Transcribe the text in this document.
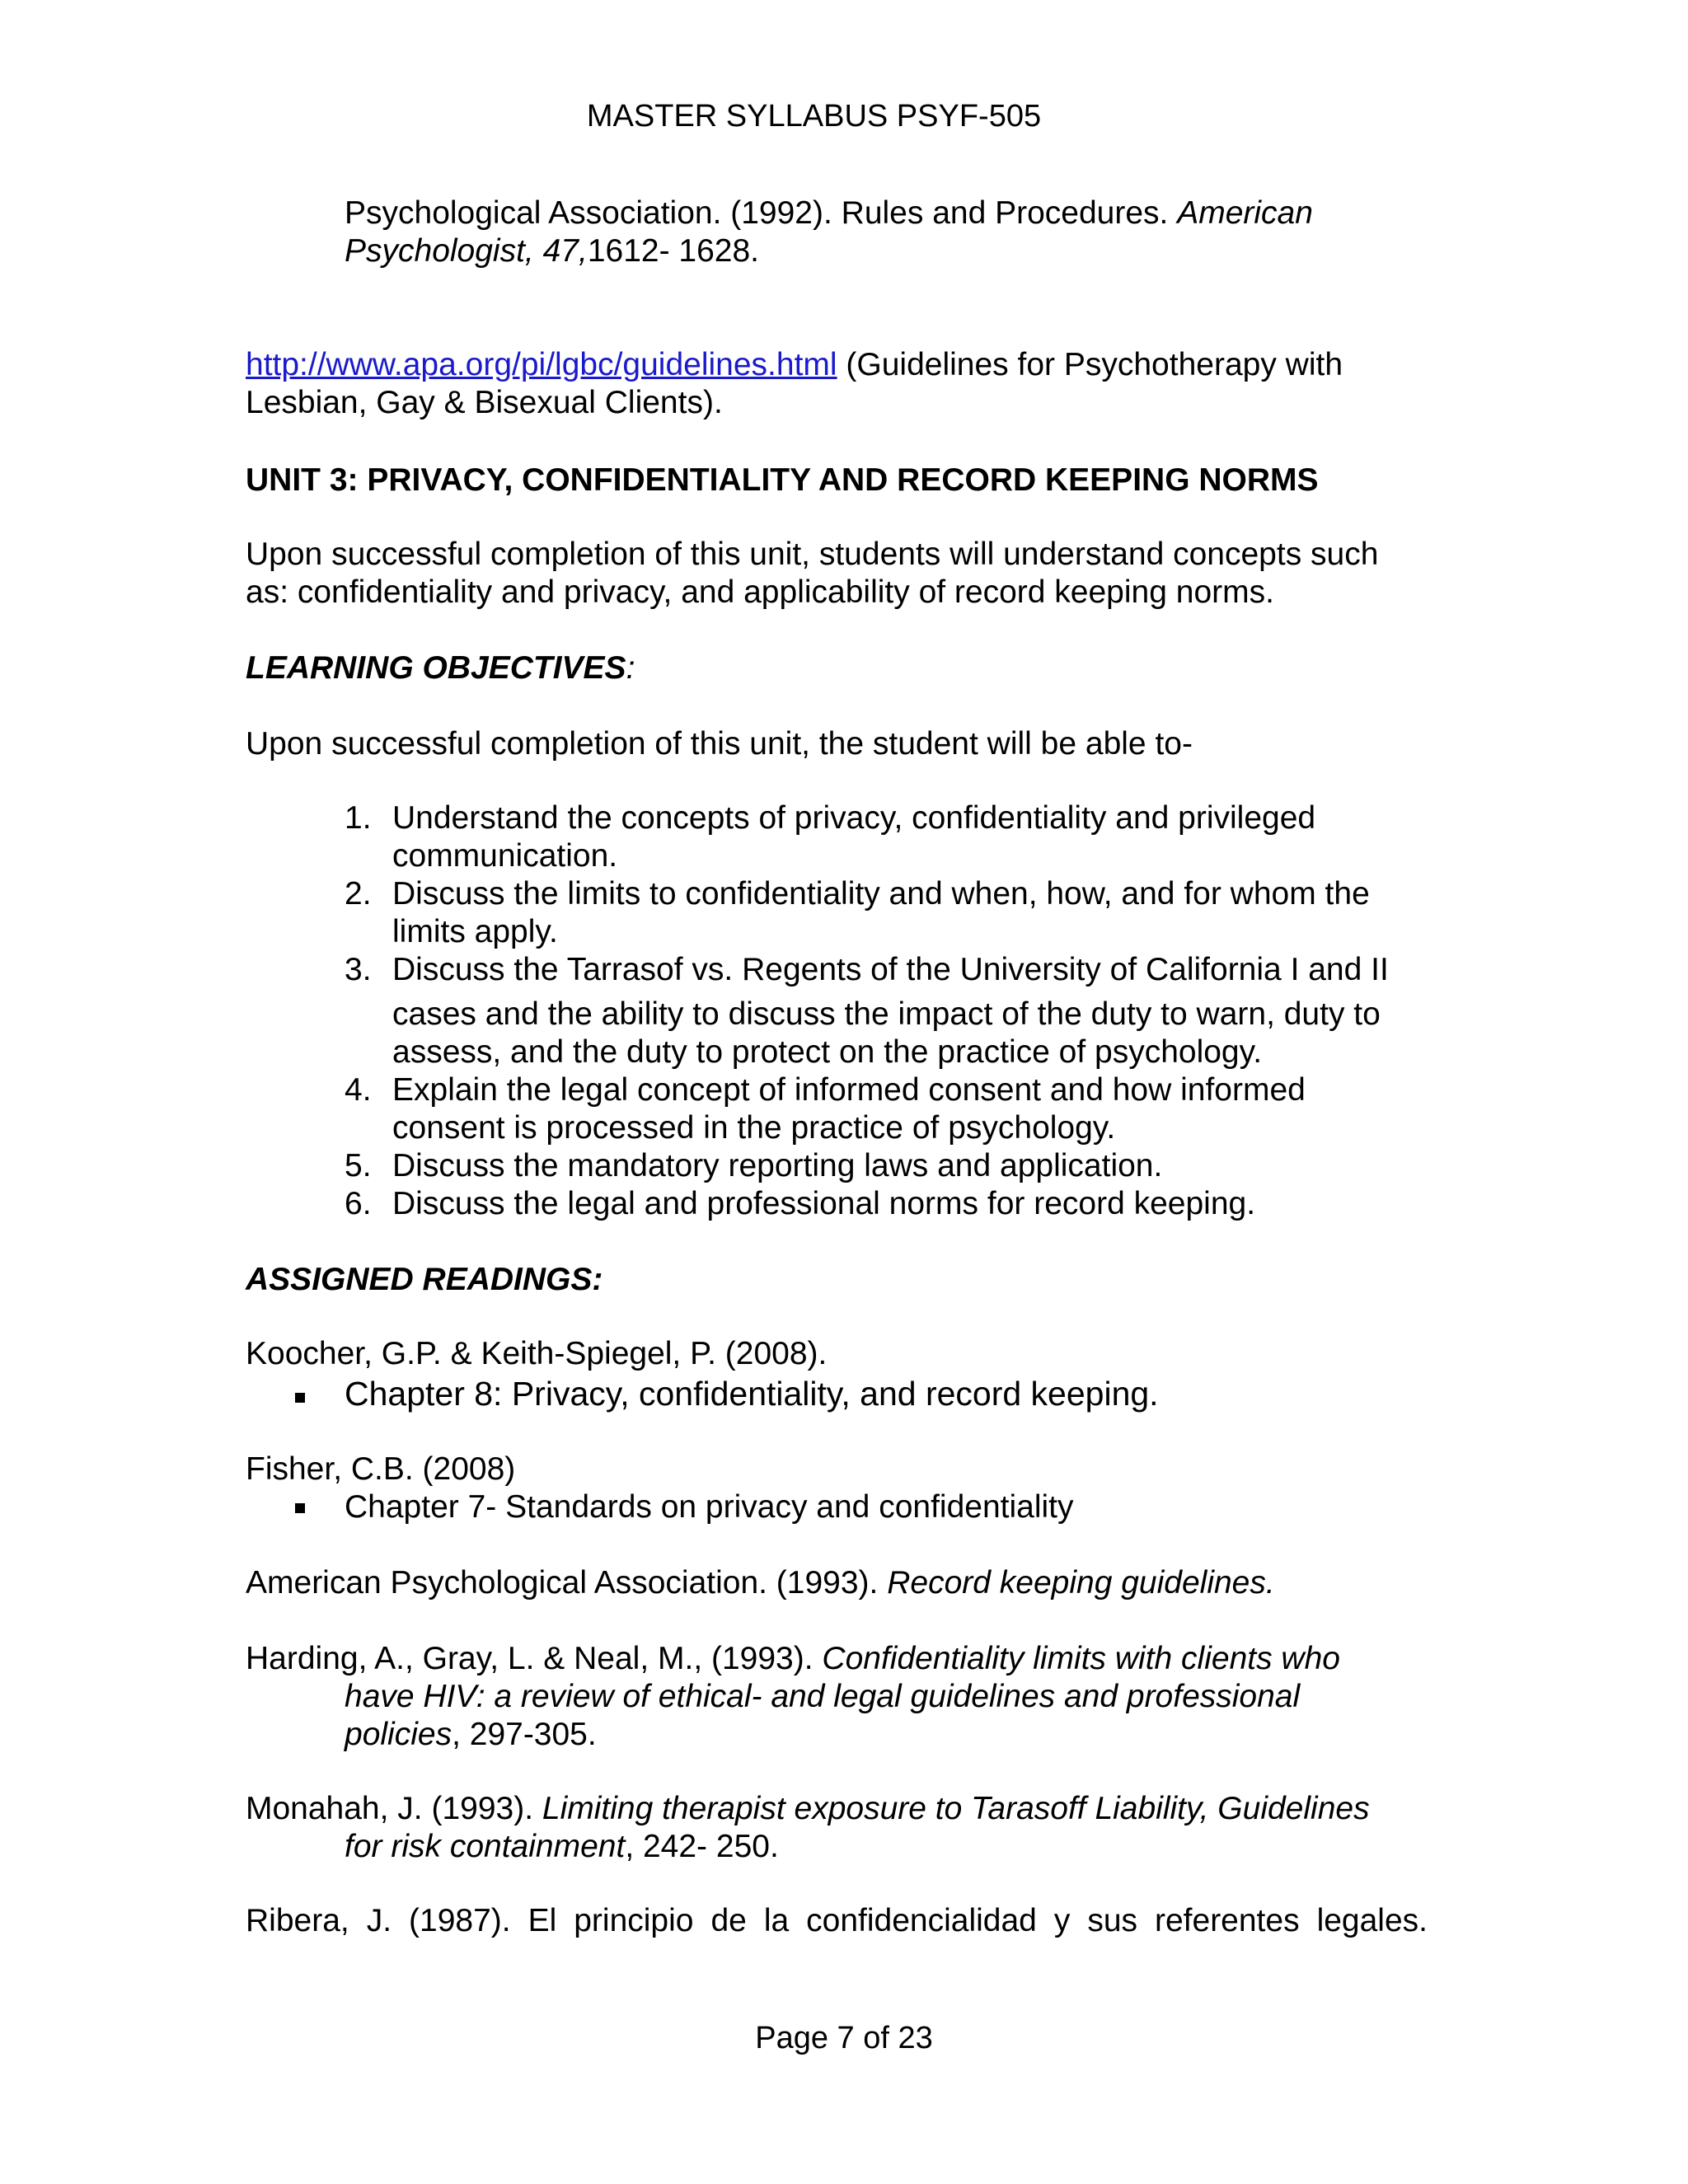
MASTER SYLLABUS PSYF-505
Psychological Association. (1992). Rules and Procedures. American
Psychologist, 47,1612- 1628.
http://www.apa.org/pi/lgbc/guidelines.html (Guidelines for Psychotherapy with
Lesbian, Gay & Bisexual Clients).
UNIT 3: PRIVACY, CONFIDENTIALITY AND RECORD KEEPING NORMS
Upon successful completion of this unit, students will understand concepts such
as: confidentiality and privacy, and applicability of record keeping norms.
LEARNING OBJECTIVES:
Upon successful completion of this unit, the student will be able to-
1. Understand the concepts of privacy, confidentiality and privileged
communication.
2. Discuss the limits to confidentiality and when, how, and for whom the
limits apply.
3. Discuss the Tarrasof vs. Regents of the University of California I and II
cases and the ability to discuss the impact of the duty to warn, duty to
assess, and the duty to protect on the practice of psychology.
4. Explain the legal concept of informed consent and how informed
consent is processed in the practice of psychology.
5. Discuss the mandatory reporting laws and application.
6. Discuss the legal and professional norms for record keeping.
ASSIGNED READINGS:
Koocher, G.P. & Keith-Spiegel, P. (2008).
Chapter 8: Privacy, confidentiality, and record keeping.
Fisher, C.B. (2008)
Chapter 7- Standards on privacy and confidentiality
American Psychological Association. (1993). Record keeping guidelines.
Harding, A., Gray, L. & Neal, M., (1993). Confidentiality limits with clients who
have HIV: a review of ethical- and legal guidelines and professional
policies, 297-305.
Monahah, J. (1993). Limiting therapist exposure to Tarasoff Liability, Guidelines
for risk containment, 242- 250.
Ribera, J. (1987). El principio de la confidencialidad y sus referentes legales.
Page 7 of 23
